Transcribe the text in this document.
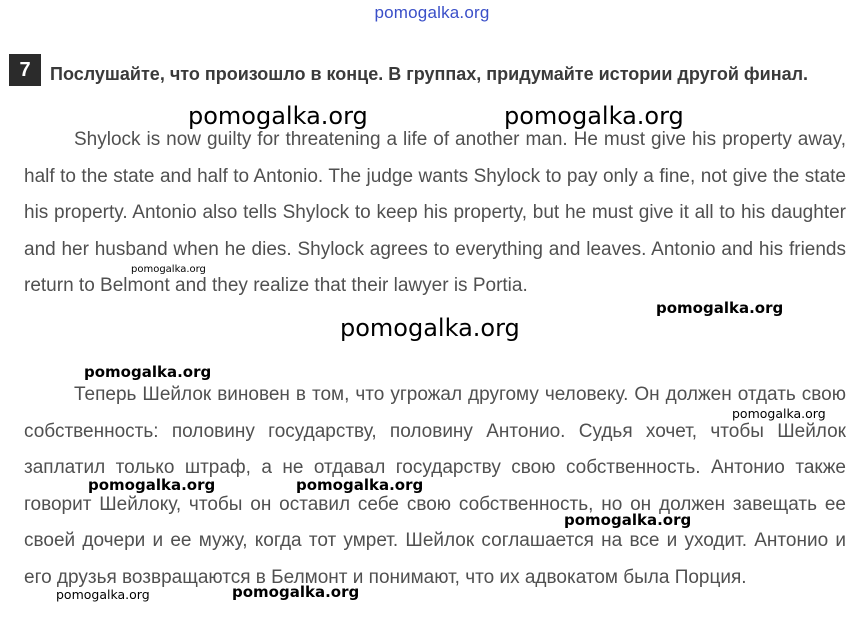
pomogalka.org
7	Послушайте, что произошло в конце. В группах, придумайте истории другой финал.

Shylock is now guilty for threatening a life of another man. He must give his property away, half to the state and half to Antonio. The judge wants Shylock to pay only a fine, not give the state his property. Antonio also tells Shylock to keep his property, but he must give it all to his daughter and her husband when he dies. Shylock agrees to everything and leaves. Antonio and his friends return to Belmont and they realize that their lawyer is Portia.

Теперь Шейлок виновен в том, что угрожал другому человеку. Он должен отдать свою собственность: половину государству, половину Антонио. Судья хочет, чтобы Шейлок заплатил только штраф, а не отдавал государству свою собственность. Антонио также говорит Шейлоку, чтобы он оставил себе свою собственность, но он должен завещать ее своей дочери и ее мужу, когда тот умрет. Шейлок соглашается на все и уходит. Антонио и его друзья возвращаются в Белмонт и понимают, что их адвокатом была Порция.

pomogalka.org	pomogalka.org
pomogalka.org
pomogalka.org
pomogalka.org
pomogalka.org
pomogalka.org
pomogalka.org	pomogalka.org
pomogalka.org
pomogalka.org	pomogalka.org
